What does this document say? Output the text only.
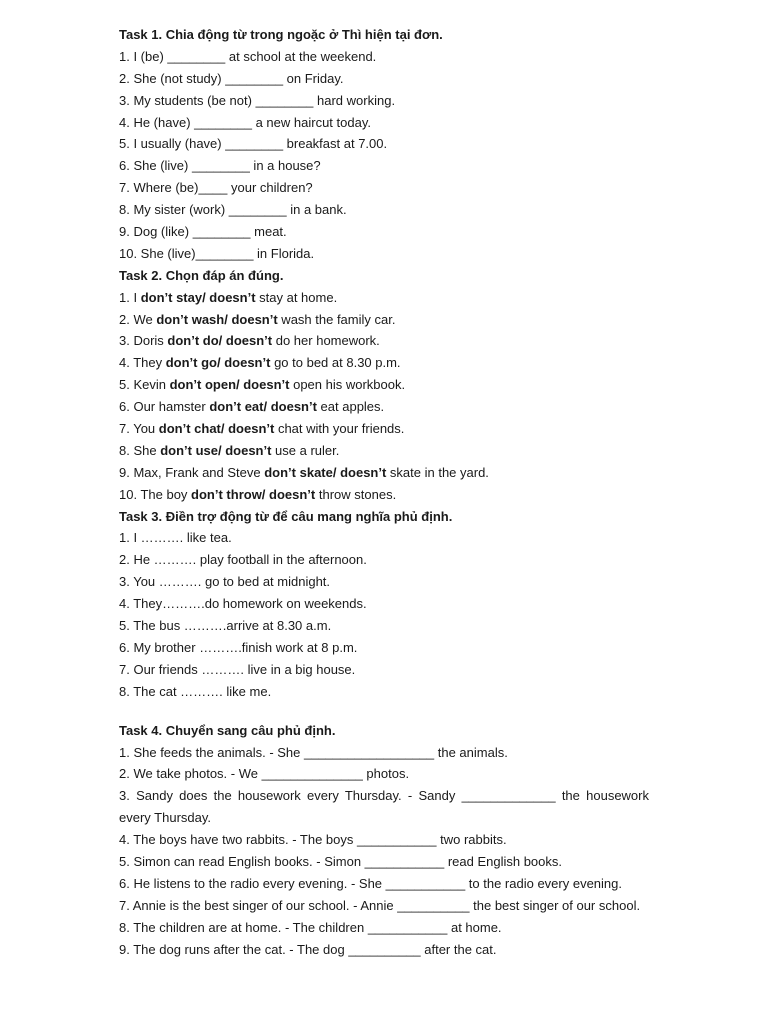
Task 1. Chia động từ trong ngoặc ở Thì hiện tại đơn.

1. I (be) ________ at school at the weekend.

2. She (not study) ________ on Friday.

3. My students (be not) ________ hard working.

4. He (have) ________ a new haircut today.

5. I usually (have) ________ breakfast at 7.00.

6. She (live) ________ in a house?

7. Where (be)____ your children?

8. My sister (work) ________ in a bank.

9. Dog (like) ________ meat.

10. She (live)________ in Florida.

Task 2. Chọn đáp án đúng.

1. I don’t stay/ doesn’t stay at home.

2. We don’t wash/ doesn’t wash the family car.

3. Doris don’t do/ doesn’t do her homework.

4. They don’t go/ doesn’t go to bed at 8.30 p.m.

5. Kevin don’t open/ doesn’t open his workbook.

6. Our hamster don’t eat/ doesn’t eat apples.

7. You don’t chat/ doesn’t chat with your friends.

8. She don’t use/ doesn’t use a ruler.

9. Max, Frank and Steve don’t skate/ doesn’t skate in the yard.

10. The boy don’t throw/ doesn’t throw stones.

Task 3. Điền trợ động từ để câu mang nghĩa phủ định.

1. I ………. like tea.

2. He ………. play football in the afternoon.

3. You ………. go to bed at midnight.

4. They……….do homework on weekends.

5. The bus ……….arrive at 8.30 a.m.

6. My brother ……….finish work at 8 p.m.

7. Our friends ………. live in a big house.

8. The cat ………. like me.

Task 4. Chuyển sang câu phủ định.

1. She feeds the animals. - She __________________ the animals.

2. We take photos. - We ______________ photos.

3. Sandy does the housework every Thursday. - Sandy _____________ the housework every Thursday.

4. The boys have two rabbits. - The boys ___________ two rabbits.

5. Simon can read English books. - Simon ___________ read English books.

6. He listens to the radio every evening. - She ___________ to the radio every evening.

7. Annie is the best singer of our school. - Annie __________ the best singer of our school.

8. The children are at home. - The children ___________ at home.

9. The dog runs after the cat. - The dog __________ after the cat.
